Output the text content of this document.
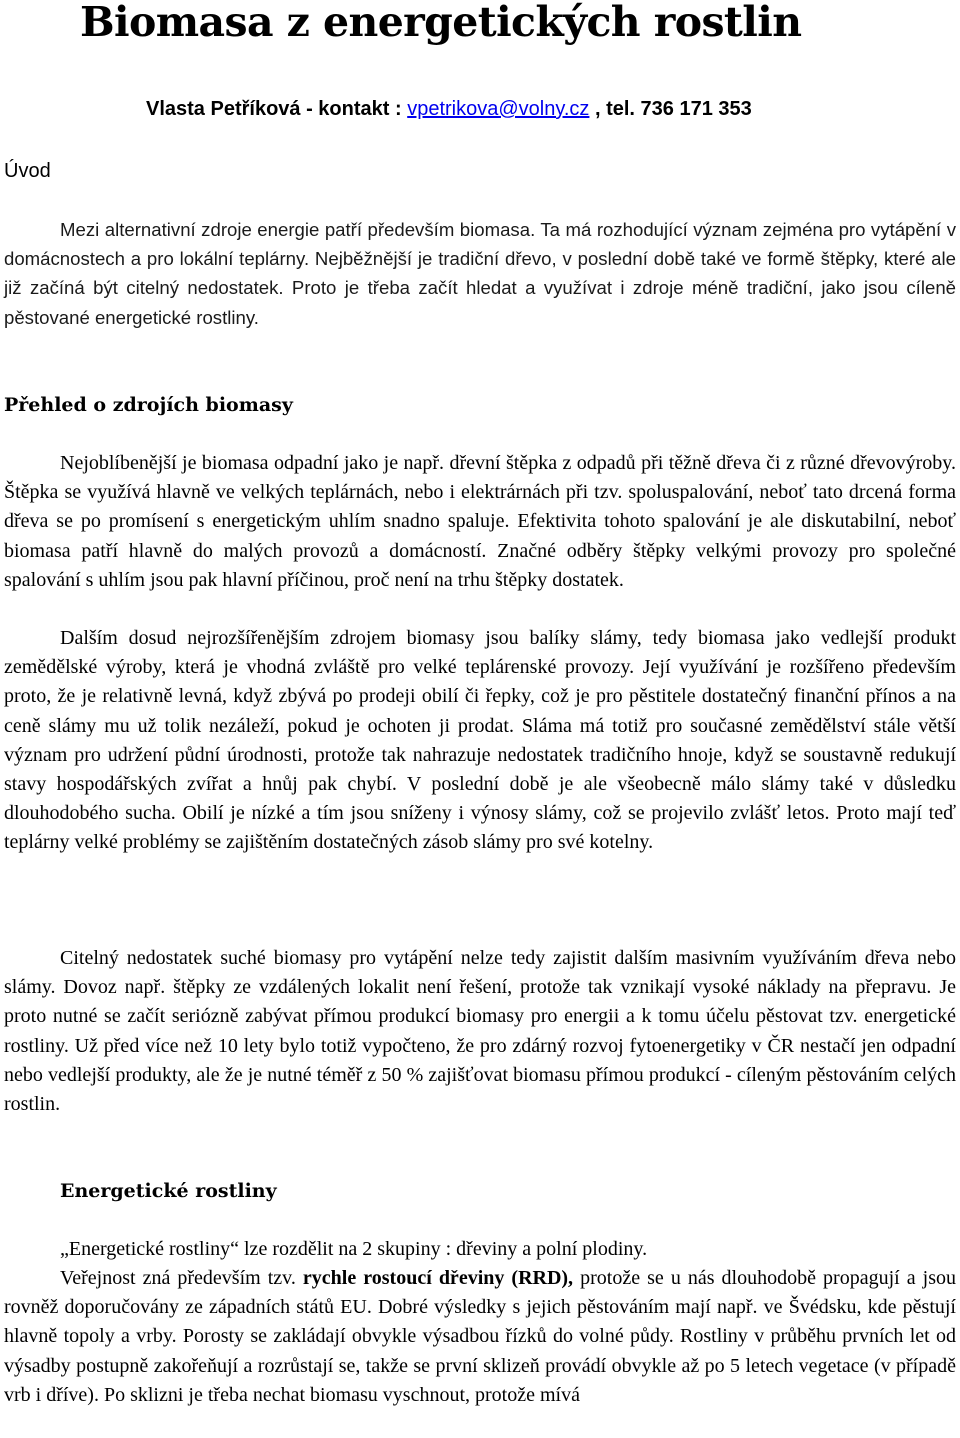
Biomasa z energetických rostlin

Vlasta Petříková - kontakt : vpetrikova@volny.cz , tel. 736 171 353

Úvod

Mezi alternativní zdroje energie patří především biomasa. Ta má rozhodující význam zejména pro vytápění v domácnostech a pro lokální teplárny. Nejběžnější je tradiční dřevo, v poslední době také ve formě štěpky, které ale již začíná být citelný nedostatek. Proto je třeba začít hledat a využívat i zdroje méně tradiční, jako jsou cíleně pěstované energetické rostliny.

Přehled o zdrojích biomasy

Nejoblíbenější je biomasa odpadní jako je např. dřevní štěpka z odpadů při těžně dřeva či z různé dřevovýroby. Štěpka se využívá hlavně ve velkých teplárnách, nebo i elektrárnách při tzv. spoluspalování, neboť tato drcená forma dřeva se po promísení s energetickým uhlím snadno spaluje. Efektivita tohoto spalování je ale diskutabilní, neboť biomasa patří hlavně do malých provozů a domácností. Značné odběry štěpky velkými provozy pro společné spalování s uhlím jsou pak hlavní příčinou, proč není na trhu štěpky dostatek.

Dalším dosud nejrozšířenějším zdrojem biomasy jsou balíky slámy, tedy biomasa jako vedlejší produkt zemědělské výroby, která je vhodná zvláště pro velké teplárenské provozy. Její využívání je rozšířeno především proto, že je relativně levná, když zbývá po prodeji obilí či řepky, což je pro pěstitele dostatečný finanční přínos a na ceně slámy mu už tolik nezáleží, pokud je ochoten ji prodat. Sláma má totiž pro současné zemědělství stále větší význam pro udržení půdní úrodnosti, protože tak nahrazuje nedostatek tradičního hnoje, když se soustavně redukují stavy hospodářských zvířat a hnůj pak chybí. V poslední době je ale všeobecně málo slámy také v důsledku dlouhodobého sucha. Obilí je nízké a tím jsou sníženy i výnosy slámy, což se projevilo zvlášť letos. Proto mají teď teplárny velké problémy se zajištěním dostatečných zásob slámy pro své kotelny.

Citelný nedostatek suché biomasy pro vytápění nelze tedy zajistit dalším masivním využíváním dřeva nebo slámy. Dovoz např. štěpky ze vzdálených lokalit není řešení, protože tak vznikají vysoké náklady na přepravu. Je proto nutné se začít seriózně zabývat přímou produkcí biomasy pro energii a k tomu účelu pěstovat tzv. energetické rostliny. Už před více než 10 lety bylo totiž vypočteno, že pro zdárný rozvoj fytoenergetiky v ČR nestačí jen odpadní nebo vedlejší produkty, ale že je nutné téměř z 50 % zajišťovat biomasu přímou produkcí - cíleným pěstováním celých rostlin.

Energetické rostliny

„Energetické rostliny“ lze rozdělit na 2 skupiny : dřeviny a polní plodiny.

Veřejnost zná především tzv. rychle rostoucí dřeviny (RRD), protože se u nás dlouhodobě propagují a jsou rovněž doporučovány ze západních států EU. Dobré výsledky s jejich pěstováním mají např. ve Švédsku, kde pěstují hlavně topoly a vrby. Porosty se zakládají obvykle výsadbou řízků do volné půdy. Rostliny v průběhu prvních let od výsadby postupně zakořeňují a rozrůstají se, takže se první sklizeň provádí obvykle až po 5 letech vegetace (v případě vrb i dříve). Po sklizni je třeba nechat biomasu vyschnout, protože mívá
